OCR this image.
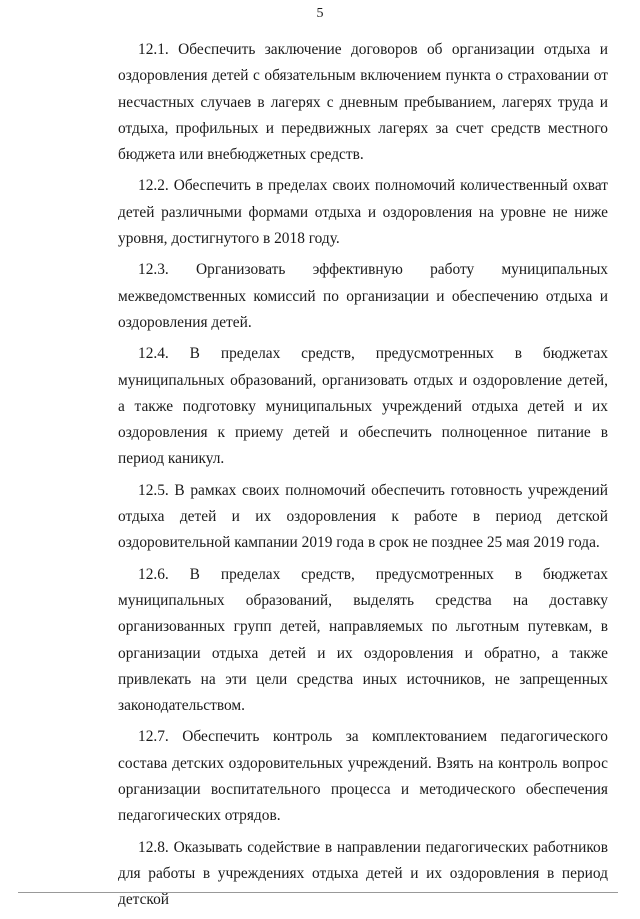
5

12.1. Обеспечить заключение договоров об организации отдыха и оздоровления детей с обязательным включением пункта о страховании от несчастных случаев в лагерях с дневным пребыванием, лагерях труда и отдыха, профильных и передвижных лагерях за счет средств местного бюджета или внебюджетных средств.

12.2. Обеспечить в пределах своих полномочий количественный охват детей различными формами отдыха и оздоровления на уровне не ниже уровня, достигнутого в 2018 году.

12.3. Организовать эффективную работу муниципальных межведомственных комиссий по организации и обеспечению отдыха и оздоровления детей.

12.4. В пределах средств, предусмотренных в бюджетах муниципальных образований, организовать отдых и оздоровление детей, а также подготовку муниципальных учреждений отдыха детей и их оздоровления к приему детей и обеспечить полноценное питание в период каникул.

12.5. В рамках своих полномочий обеспечить готовность учреждений отдыха детей и их оздоровления к работе в период детской оздоровительной кампании 2019 года в срок не позднее 25 мая 2019 года.

12.6. В пределах средств, предусмотренных в бюджетах муниципальных образований, выделять средства на доставку организованных групп детей, направляемых по льготным путевкам, в организации отдыха детей и их оздоровления и обратно, а также привлекать на эти цели средства иных источников, не запрещенных законодательством.

12.7. Обеспечить контроль за комплектованием педагогического состава детских оздоровительных учреждений. Взять на контроль вопрос организации воспитательного процесса и методического обеспечения педагогических отрядов.

12.8. Оказывать содействие в направлении педагогических работников для работы в учреждениях отдыха детей и их оздоровления в период детской
